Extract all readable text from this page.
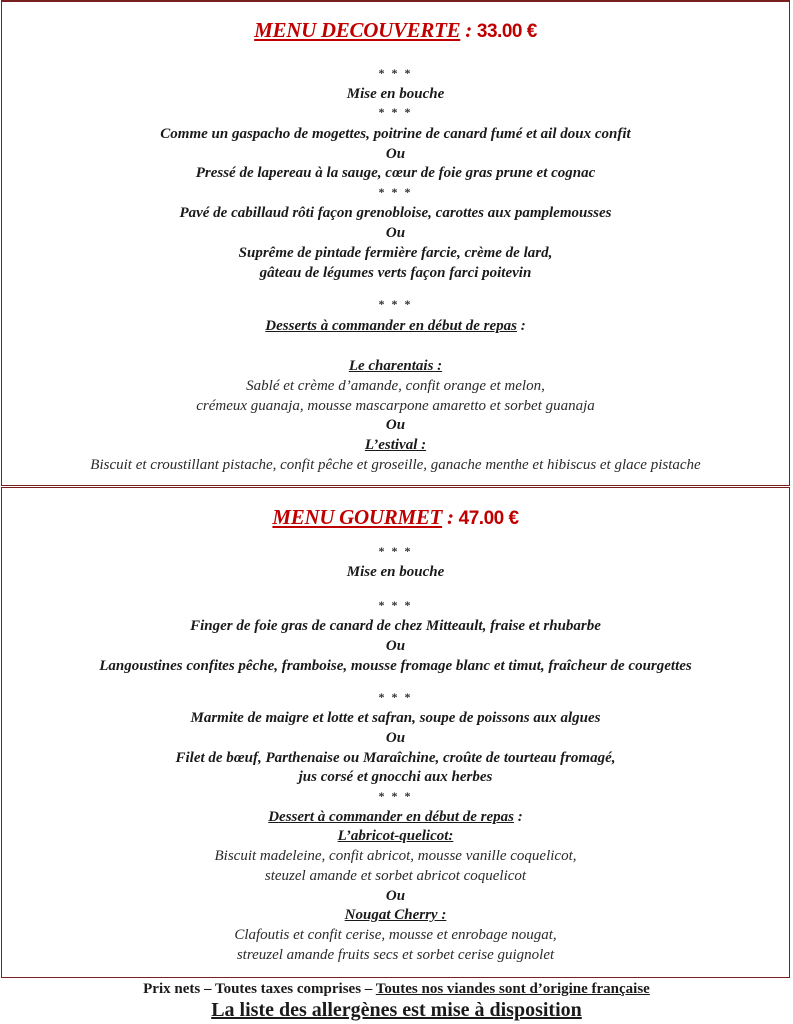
MENU DECOUVERTE : 33.00 €
* * *
Mise en bouche
* * *
Comme un gaspacho de mogettes, poitrine de canard fumé et ail doux confit
Ou
Pressé de lapereau à la sauge, cœur de foie gras prune et cognac
* * *
Pavé de cabillaud rôti façon grenobloise, carottes aux pamplemousses
Ou
Suprême de pintade fermière farcie, crème de lard,
gâteau de légumes verts façon farci poitevin
* * *
Desserts à commander en début de repas :
Le charentais :
Sablé et crème d’amande, confit orange et melon,
crémeux guanaja, mousse mascarpone amaretto et sorbet guanaja
Ou
L’estival :
Biscuit et croustillant pistache, confit pêche et groseille, ganache menthe et hibiscus et glace pistache
MENU GOURMET : 47.00 €
* * *
Mise en bouche
* * *
Finger de foie gras de canard de chez Mitteault, fraise et rhubarbe
Ou
Langoustines confites pêche, framboise, mousse fromage blanc et timut, fraîcheur de courgettes
* * *
Marmite de maigre et lotte et safran, soupe de poissons aux algues
Ou
Filet de bœuf, Parthenaise ou Maraîchine, croûte de tourteau fromagé,
jus corsé et gnocchi aux herbes
* * *
Dessert à commander en début de repas :
L’abricot-quelicot:
Biscuit madeleine, confit abricot, mousse vanille coquelicot,
steuzel amande et sorbet abricot coquelicot
Ou
Nougat Cherry :
Clafoutis et confit cerise, mousse et enrobage nougat,
streuzel amande fruits secs et sorbet cerise guignolet
Prix nets – Toutes taxes comprises – Toutes nos viandes sont d’origine française
La liste des allergènes est mise à disposition
